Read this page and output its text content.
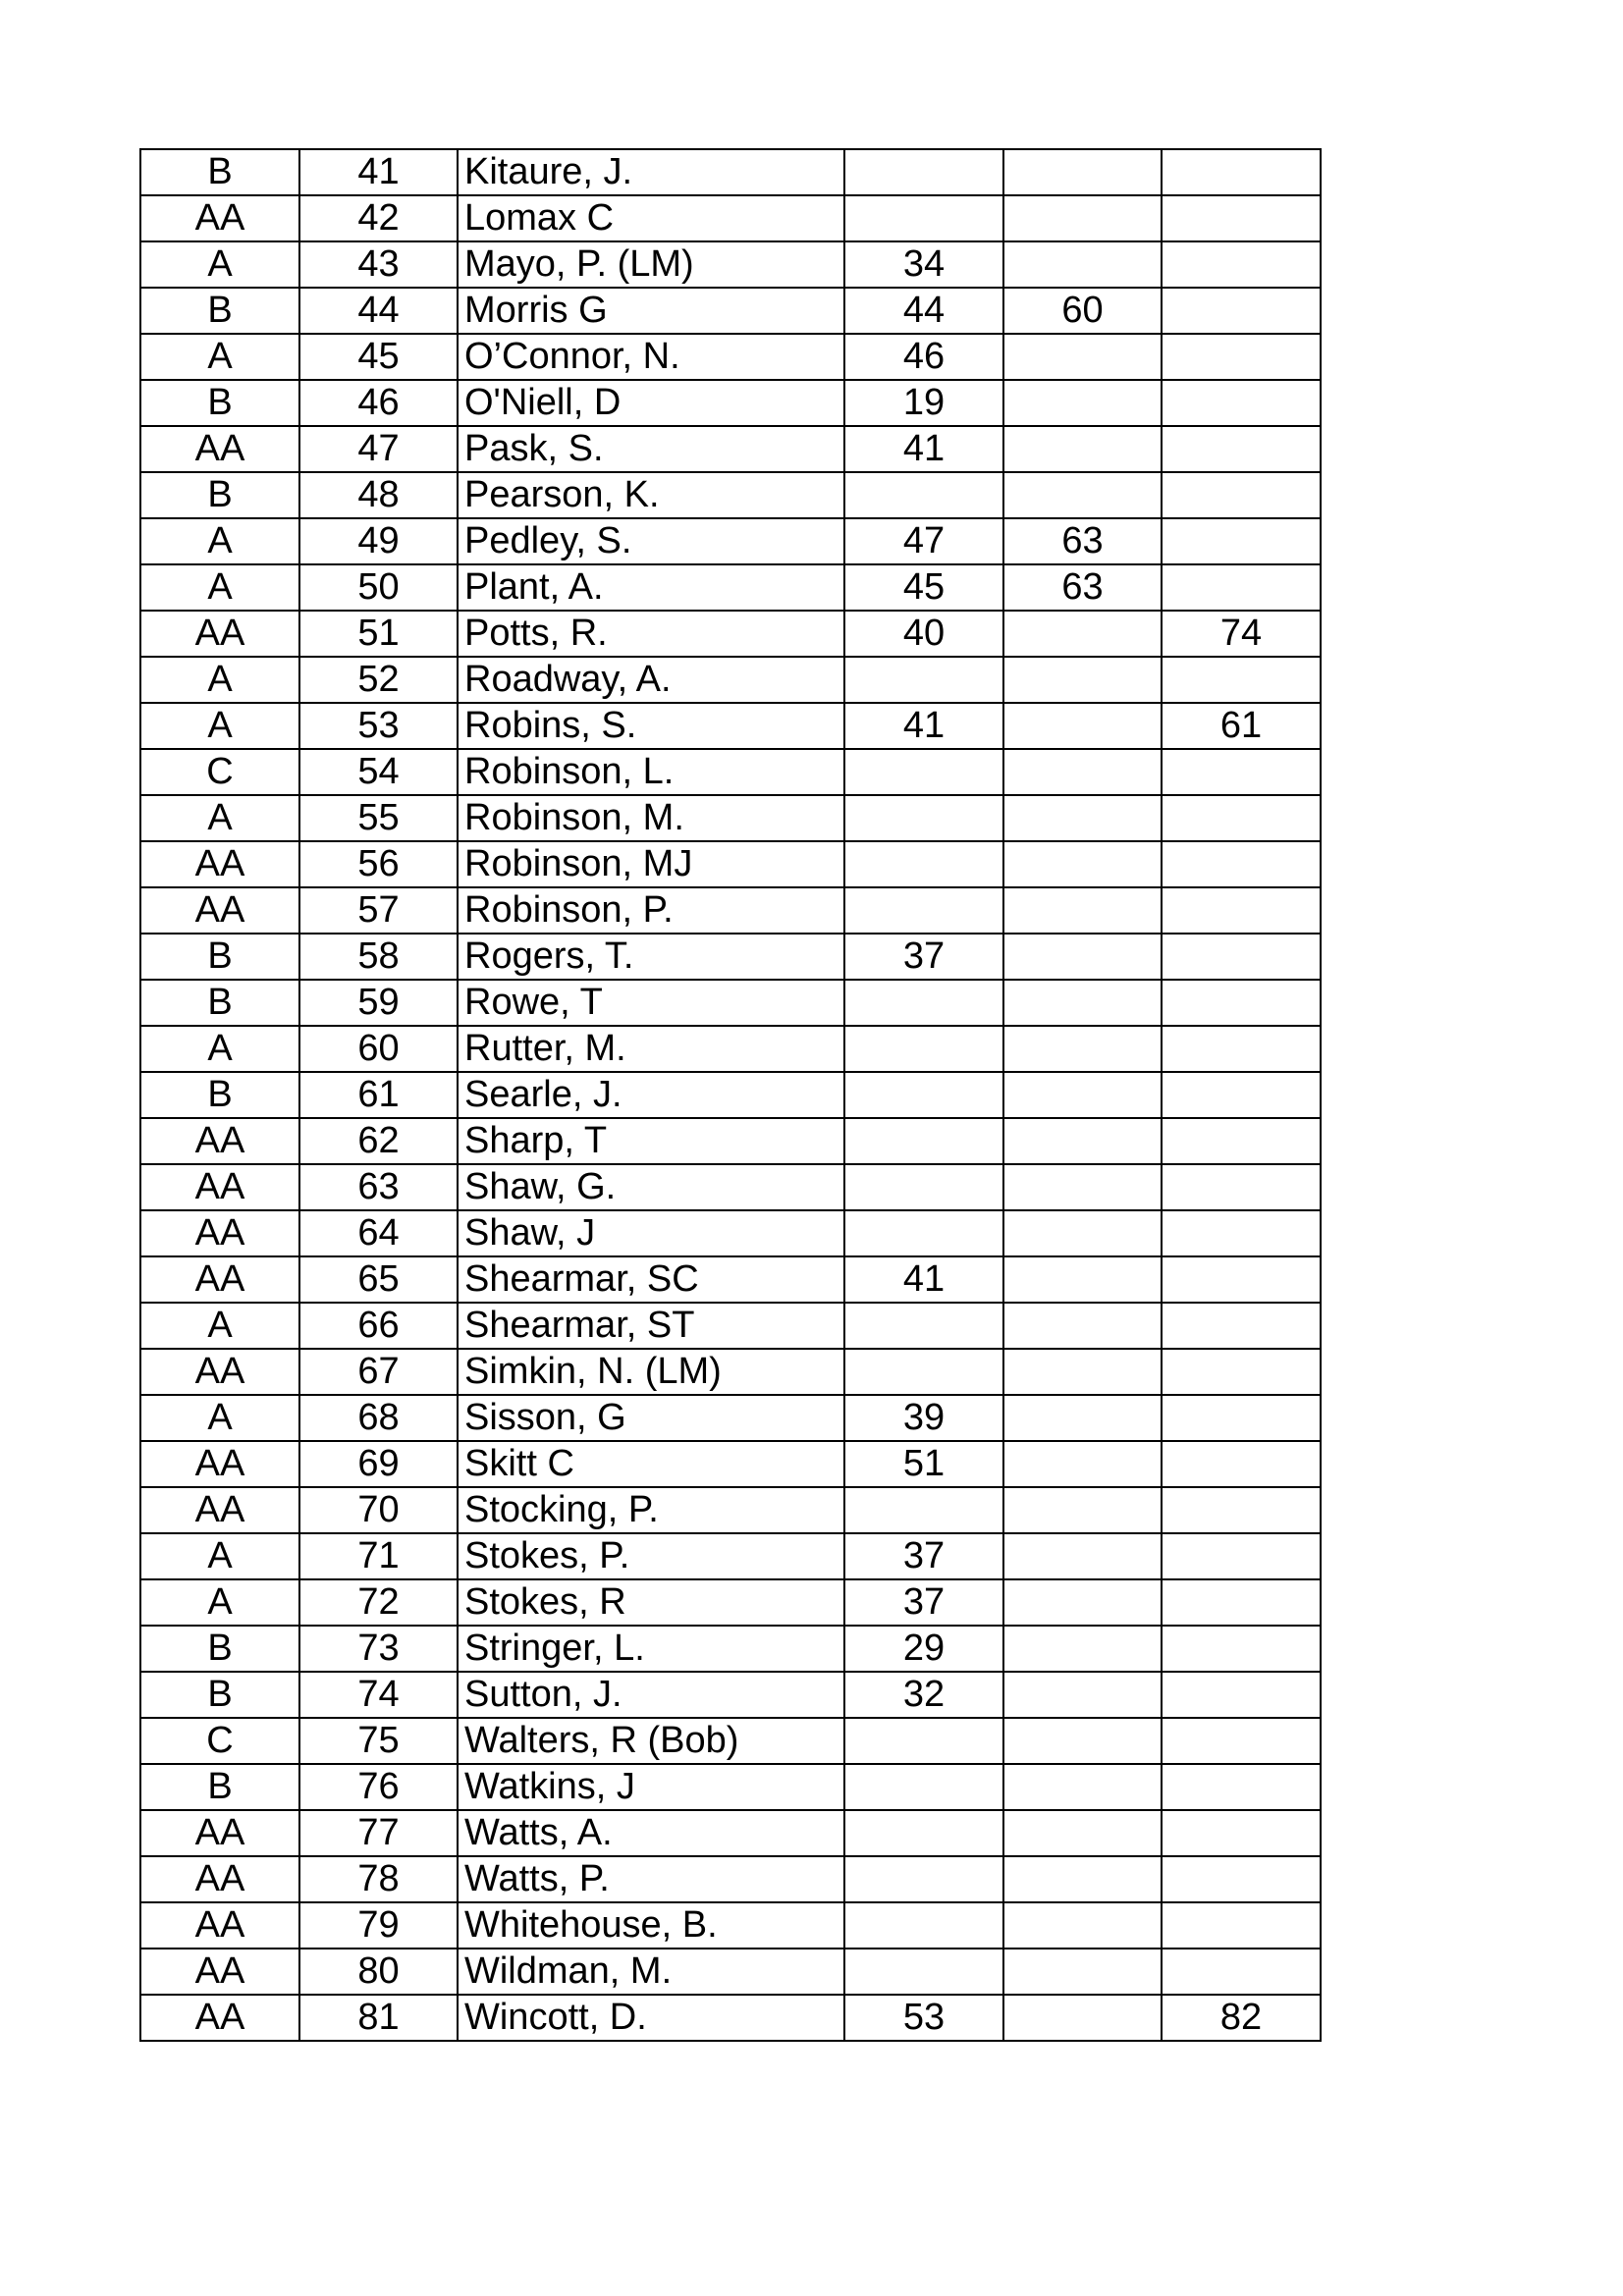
B	41	Kitaure, J.			
AA	42	Lomax C			
A	43	Mayo, P. (LM)	34		
B	44	Morris G	44	60	
A	45	O’Connor, N.	46		
B	46	O'Niell, D	19		
AA	47	Pask, S.	41		
B	48	Pearson, K.			
A	49	Pedley, S.	47	63	
A	50	Plant, A.	45	63	
AA	51	Potts, R.	40		74
A	52	Roadway, A.			
A	53	Robins, S.	41		61
C	54	Robinson, L.			
A	55	Robinson, M.			
AA	56	Robinson, MJ			
AA	57	Robinson, P.			
B	58	Rogers, T.	37		
B	59	Rowe, T			
A	60	Rutter, M.			
B	61	Searle, J.			
AA	62	Sharp, T			
AA	63	Shaw, G.			
AA	64	Shaw, J			
AA	65	Shearmar, SC	41		
A	66	Shearmar, ST			
AA	67	Simkin, N. (LM)			
A	68	Sisson, G	39		
AA	69	Skitt C	51		
AA	70	Stocking, P.			
A	71	Stokes, P.	37		
A	72	Stokes, R	37		
B	73	Stringer, L.	29		
B	74	Sutton, J.	32		
C	75	Walters, R (Bob)			
B	76	Watkins, J			
AA	77	Watts, A.			
AA	78	Watts, P.			
AA	79	Whitehouse, B.			
AA	80	Wildman, M.			
AA	81	Wincott, D.	53		82
